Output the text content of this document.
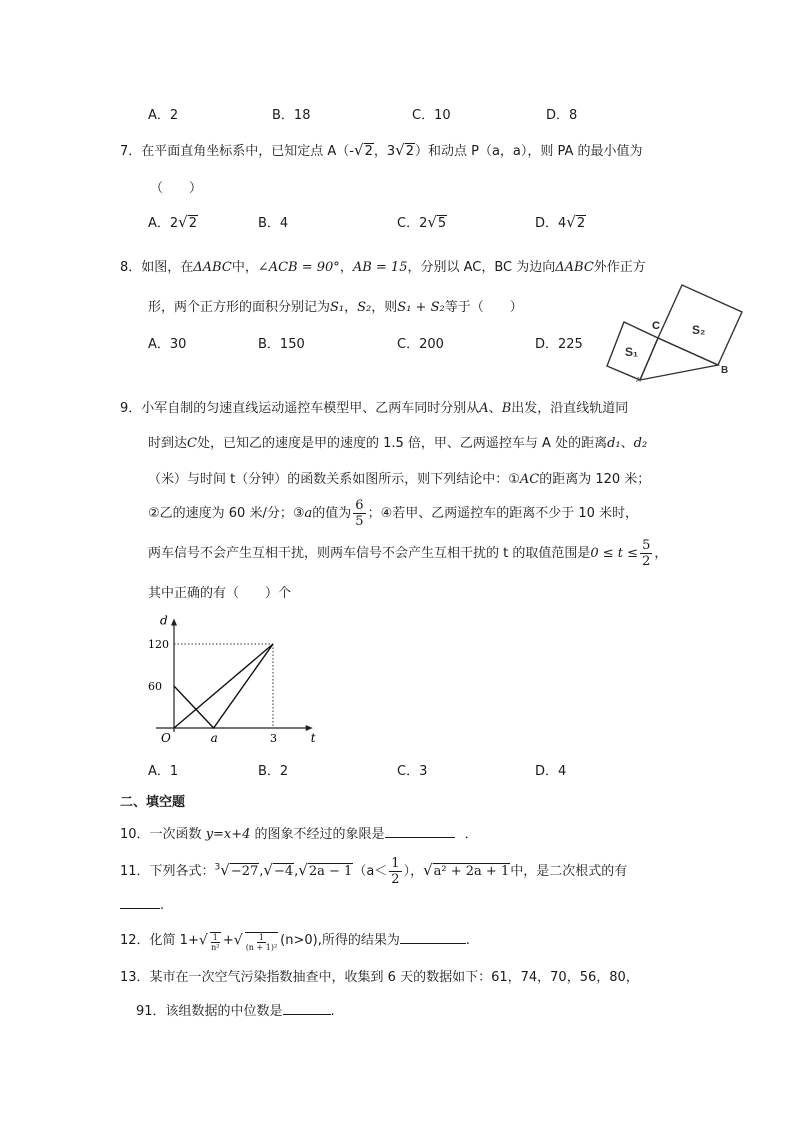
A．2	B．18	C．10	D．8
7．在平面直角坐标系中，已知定点 A（-√2，3√2）和动点 P（a，a），则 PA 的最小值为
（　　）
A．2√2	B．4	C．2√5	D．4√2
8．如图，在ΔABC中，∠ACB = 90°，AB = 15，分别以 AC，BC 为边向ΔABC外作正方
形，两个正方形的面积分别记为S₁，S₂，则S₁ + S₂等于（　　）
A．30	B．150	C．200	D．225
C
S₁
S₂
B
A
9．小军自制的匀速直线运动遥控车模型甲、乙两车同时分别从A、B出发，沿直线轨道同
时到达C处，已知乙的速度是甲的速度的 1.5 倍，甲、乙两遥控车与 A 处的距离d₁、d₂
（米）与时间 t（分钟）的函数关系如图所示，则下列结论中：①AC的距离为 120 米；
②乙的速度为 60 米/分；③a的值为 $\frac{6}{5}$ ；④若甲、乙两遥控车的距离不少于 10 米时，
两车信号不会产生互相干扰，则两车信号不会产生互相干扰的 t 的取值范围是$0 \le t \le \frac{5}{2}$ ，
其中正确的有（　　）个
d
t
O
60
120
a	3
A．1	B．2	C．3	D．4
二、填空题
10．一次函数 y=x+4 的图象不经过的象限是	．
11．下列各式：$^3√-27,√-4,√2a - 1(a< \frac{1}{2}$ ），√a² + 2a + 1中，是二次根式的有
.
12．化简 $1+√ \frac{1}{\text{n²}}$ +√ $\frac{1}{\text{(n + 1)²}} (n>0)$,所得的结果为	.
13．某市在一次空气污染指数抽查中，收集到 6 天的数据如下：61，74，70，56，80，
91．该组数据的中位数是	.
